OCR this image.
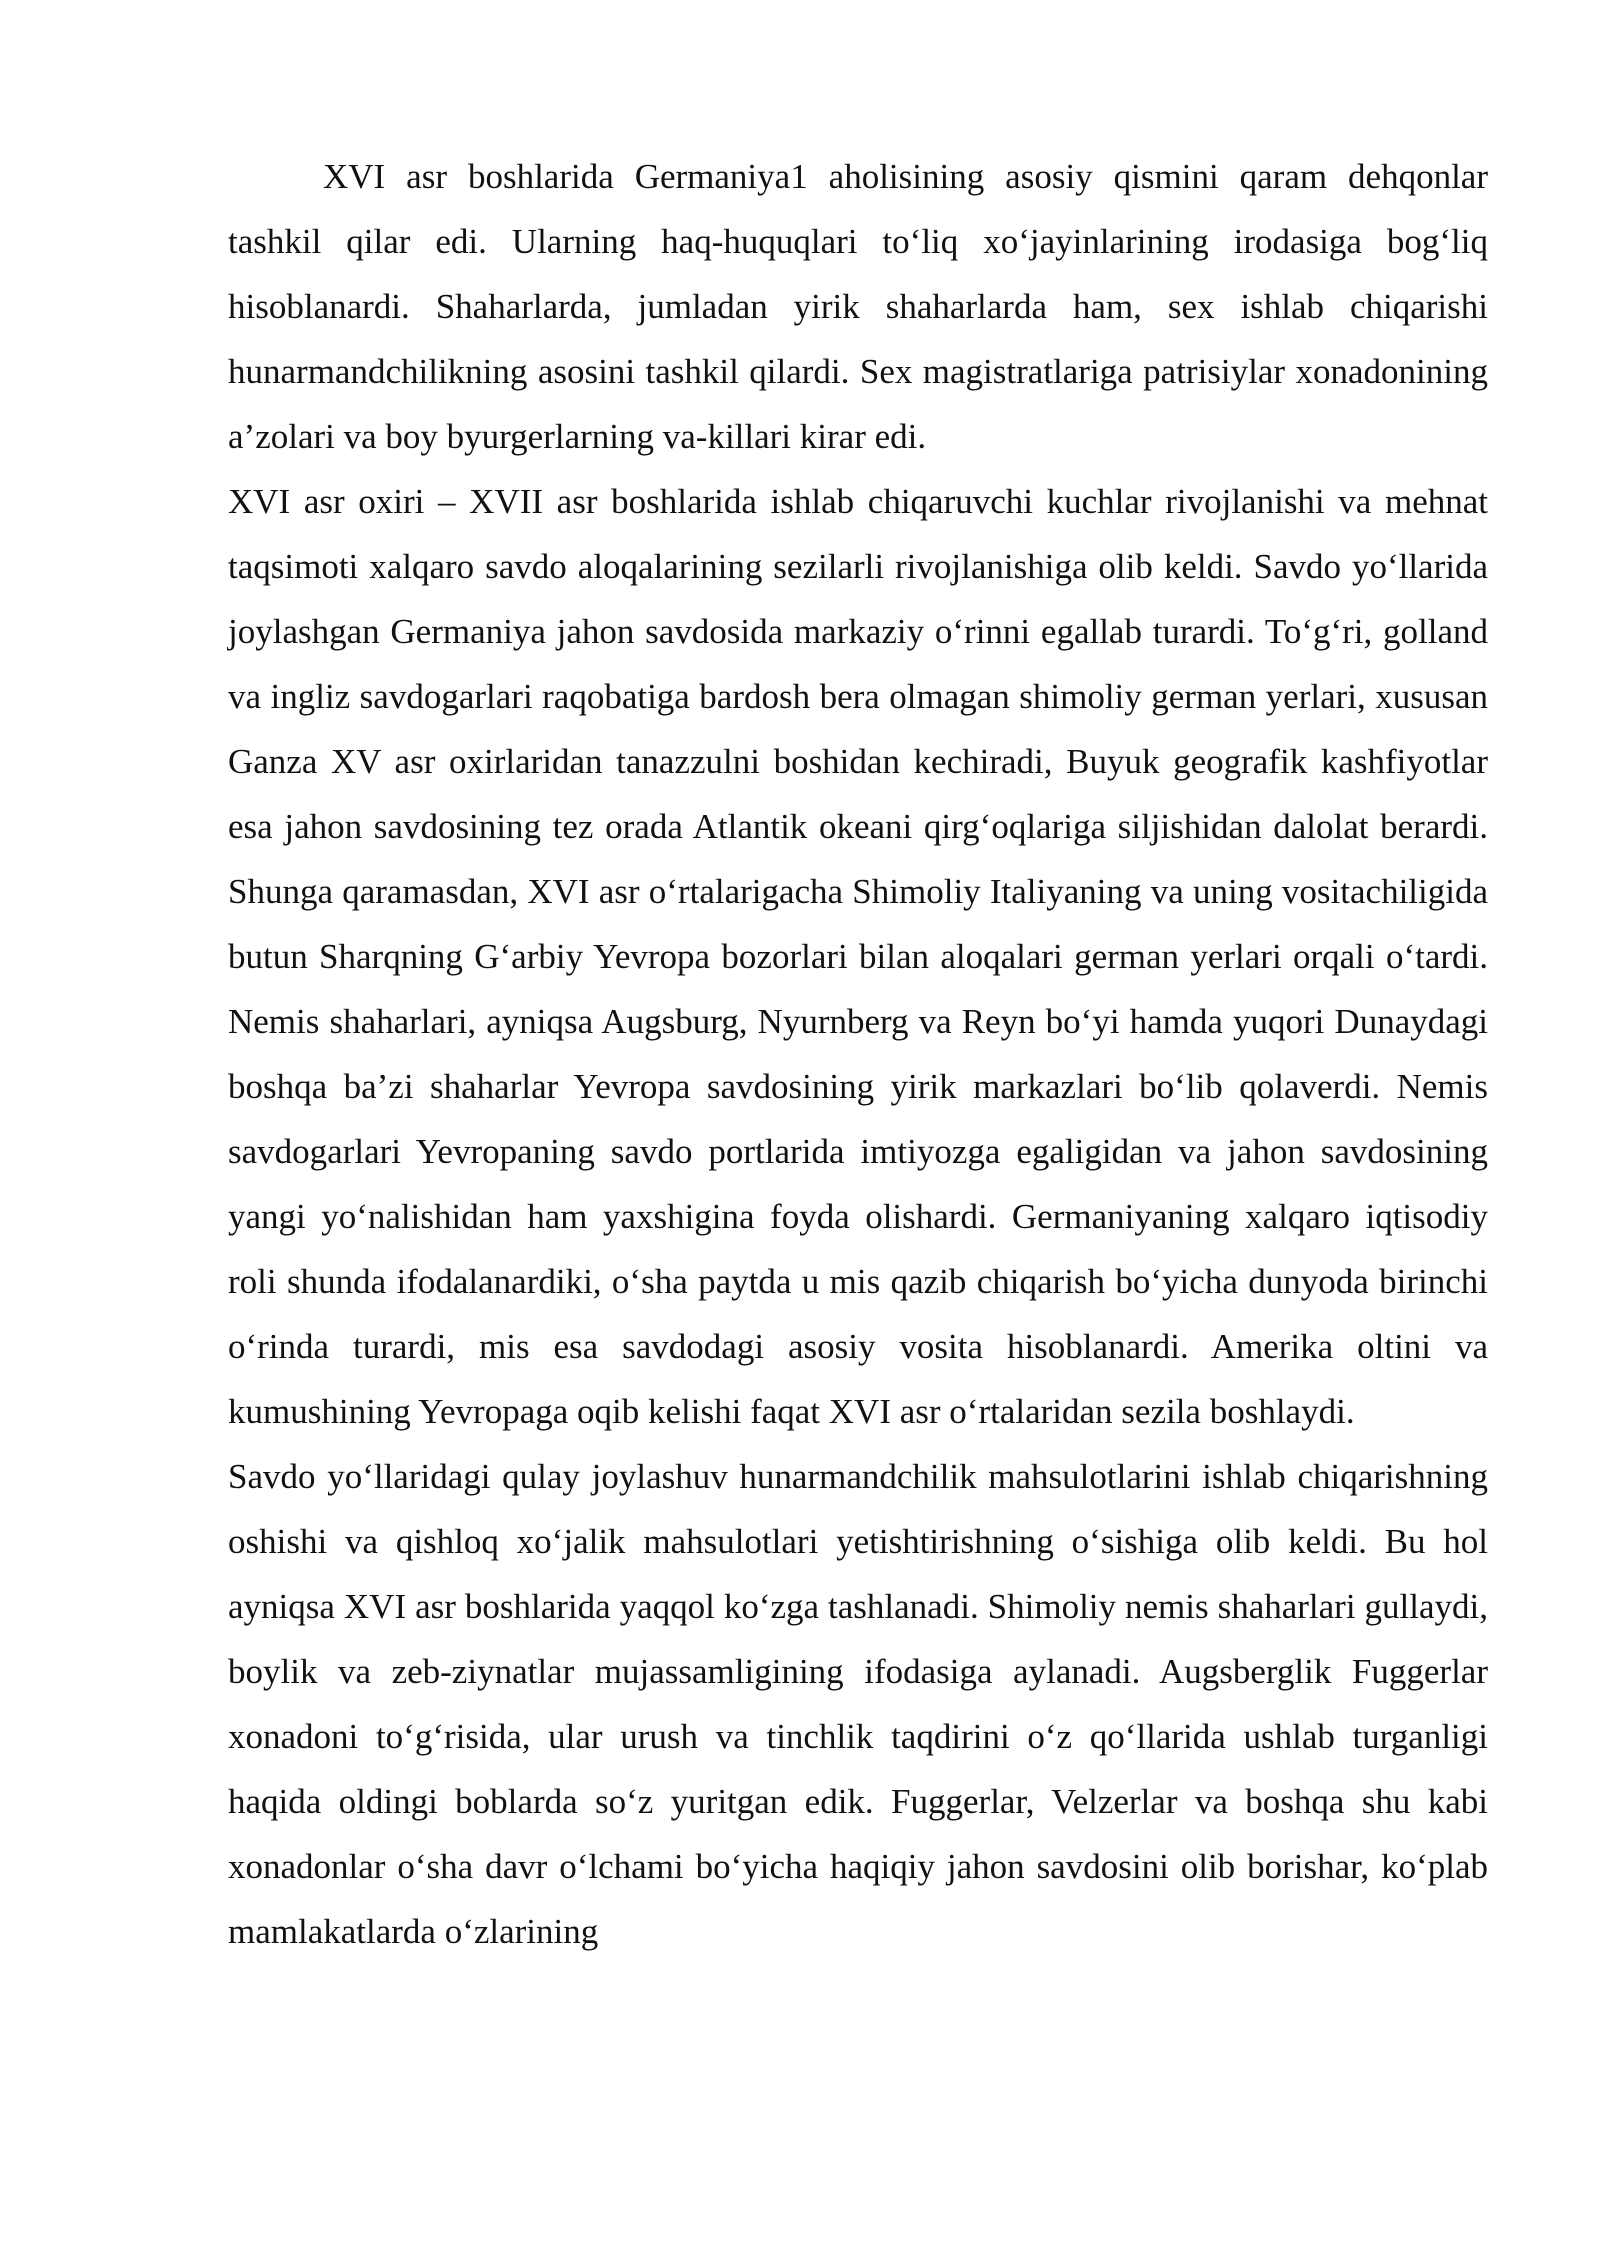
XVI asr boshlarida Germaniya1 aholisining asosiy qismini qaram dehqonlar tashkil qilar edi. Ularning haq-huquqlari to‘liq xo‘jayinlarining irodasiga bog‘liq hisoblanardi. Shaharlarda, jumladan yirik shaharlarda ham, sex ishlab chiqarishi hunarmandchilikning asosini tashkil qilardi. Sex magistratlariga patrisiylar xonadonining a’zolari va boy byurgerlarning va-killari kirar edi.

XVI asr oxiri – XVII asr boshlarida ishlab chiqaruvchi kuchlar rivojlanishi va mehnat taqsimoti xalqaro savdo aloqalarining sezilarli rivojlanishiga olib keldi. Savdo yo‘llarida joylashgan Germaniya jahon savdosida markaziy o‘rinni egallab turardi. To‘g‘ri, golland va ingliz savdogarlari raqobatiga bardosh bera olmagan shimoliy german yerlari, xususan Ganza XV asr oxirlaridan tanazzulni boshidan kechiradi, Buyuk geografik kashfiyotlar esa jahon savdosining tez orada Atlantik okeani qirg‘oqlariga siljishidan dalolat berardi. Shunga qaramasdan, XVI asr o‘rtalarigacha Shimoliy Italiyaning va uning vositachiligida butun Sharqning G‘arbiy Yevropa bozorlari bilan aloqalari german yerlari orqali o‘tardi. Nemis shaharlari, ayniqsa Augsburg, Nyurnberg va Reyn bo‘yi hamda yuqori Dunaydagi boshqa ba’zi shaharlar Yevropa savdosining yirik markazlari bo‘lib qolaverdi. Nemis savdogarlari Yevropaning savdo portlarida imtiyozga egaligidan va jahon savdosining yangi yo‘nalishidan ham yaxshigina foyda olishardi. Germaniyaning xalqaro iqtisodiy roli shunda ifodalanardiki, o‘sha paytda u mis qazib chiqarish bo‘yicha dunyoda birinchi o‘rinda turardi, mis esa savdodagi asosiy vosita hisoblanardi. Amerika oltini va kumushining Yevropaga oqib kelishi faqat XVI asr o‘rtalaridan sezila boshlaydi.

Savdo yo‘llaridagi qulay joylashuv hunarmandchilik mahsulotlarini ishlab chiqarishning oshishi va qishloq xo‘jalik mahsulotlari yetishtirishning o‘sishiga olib keldi. Bu hol ayniqsa XVI asr boshlarida yaqqol ko‘zga tashlanadi. Shimoliy nemis shaharlari gullaydi, boylik va zeb-ziynatlar mujassamligining ifodasiga aylanadi. Augsberglik Fuggerlar xonadoni to‘g‘risida, ular urush va tinchlik taqdirini o‘z qo‘llarida ushlab turganligi haqida oldingi boblarda so‘z yuritgan edik. Fuggerlar, Velzerlar va boshqa shu kabi xonadonlar o‘sha davr o‘lchami bo‘yicha haqiqiy jahon savdosini olib borishar, ko‘plab mamlakatlarda o‘zlarining
